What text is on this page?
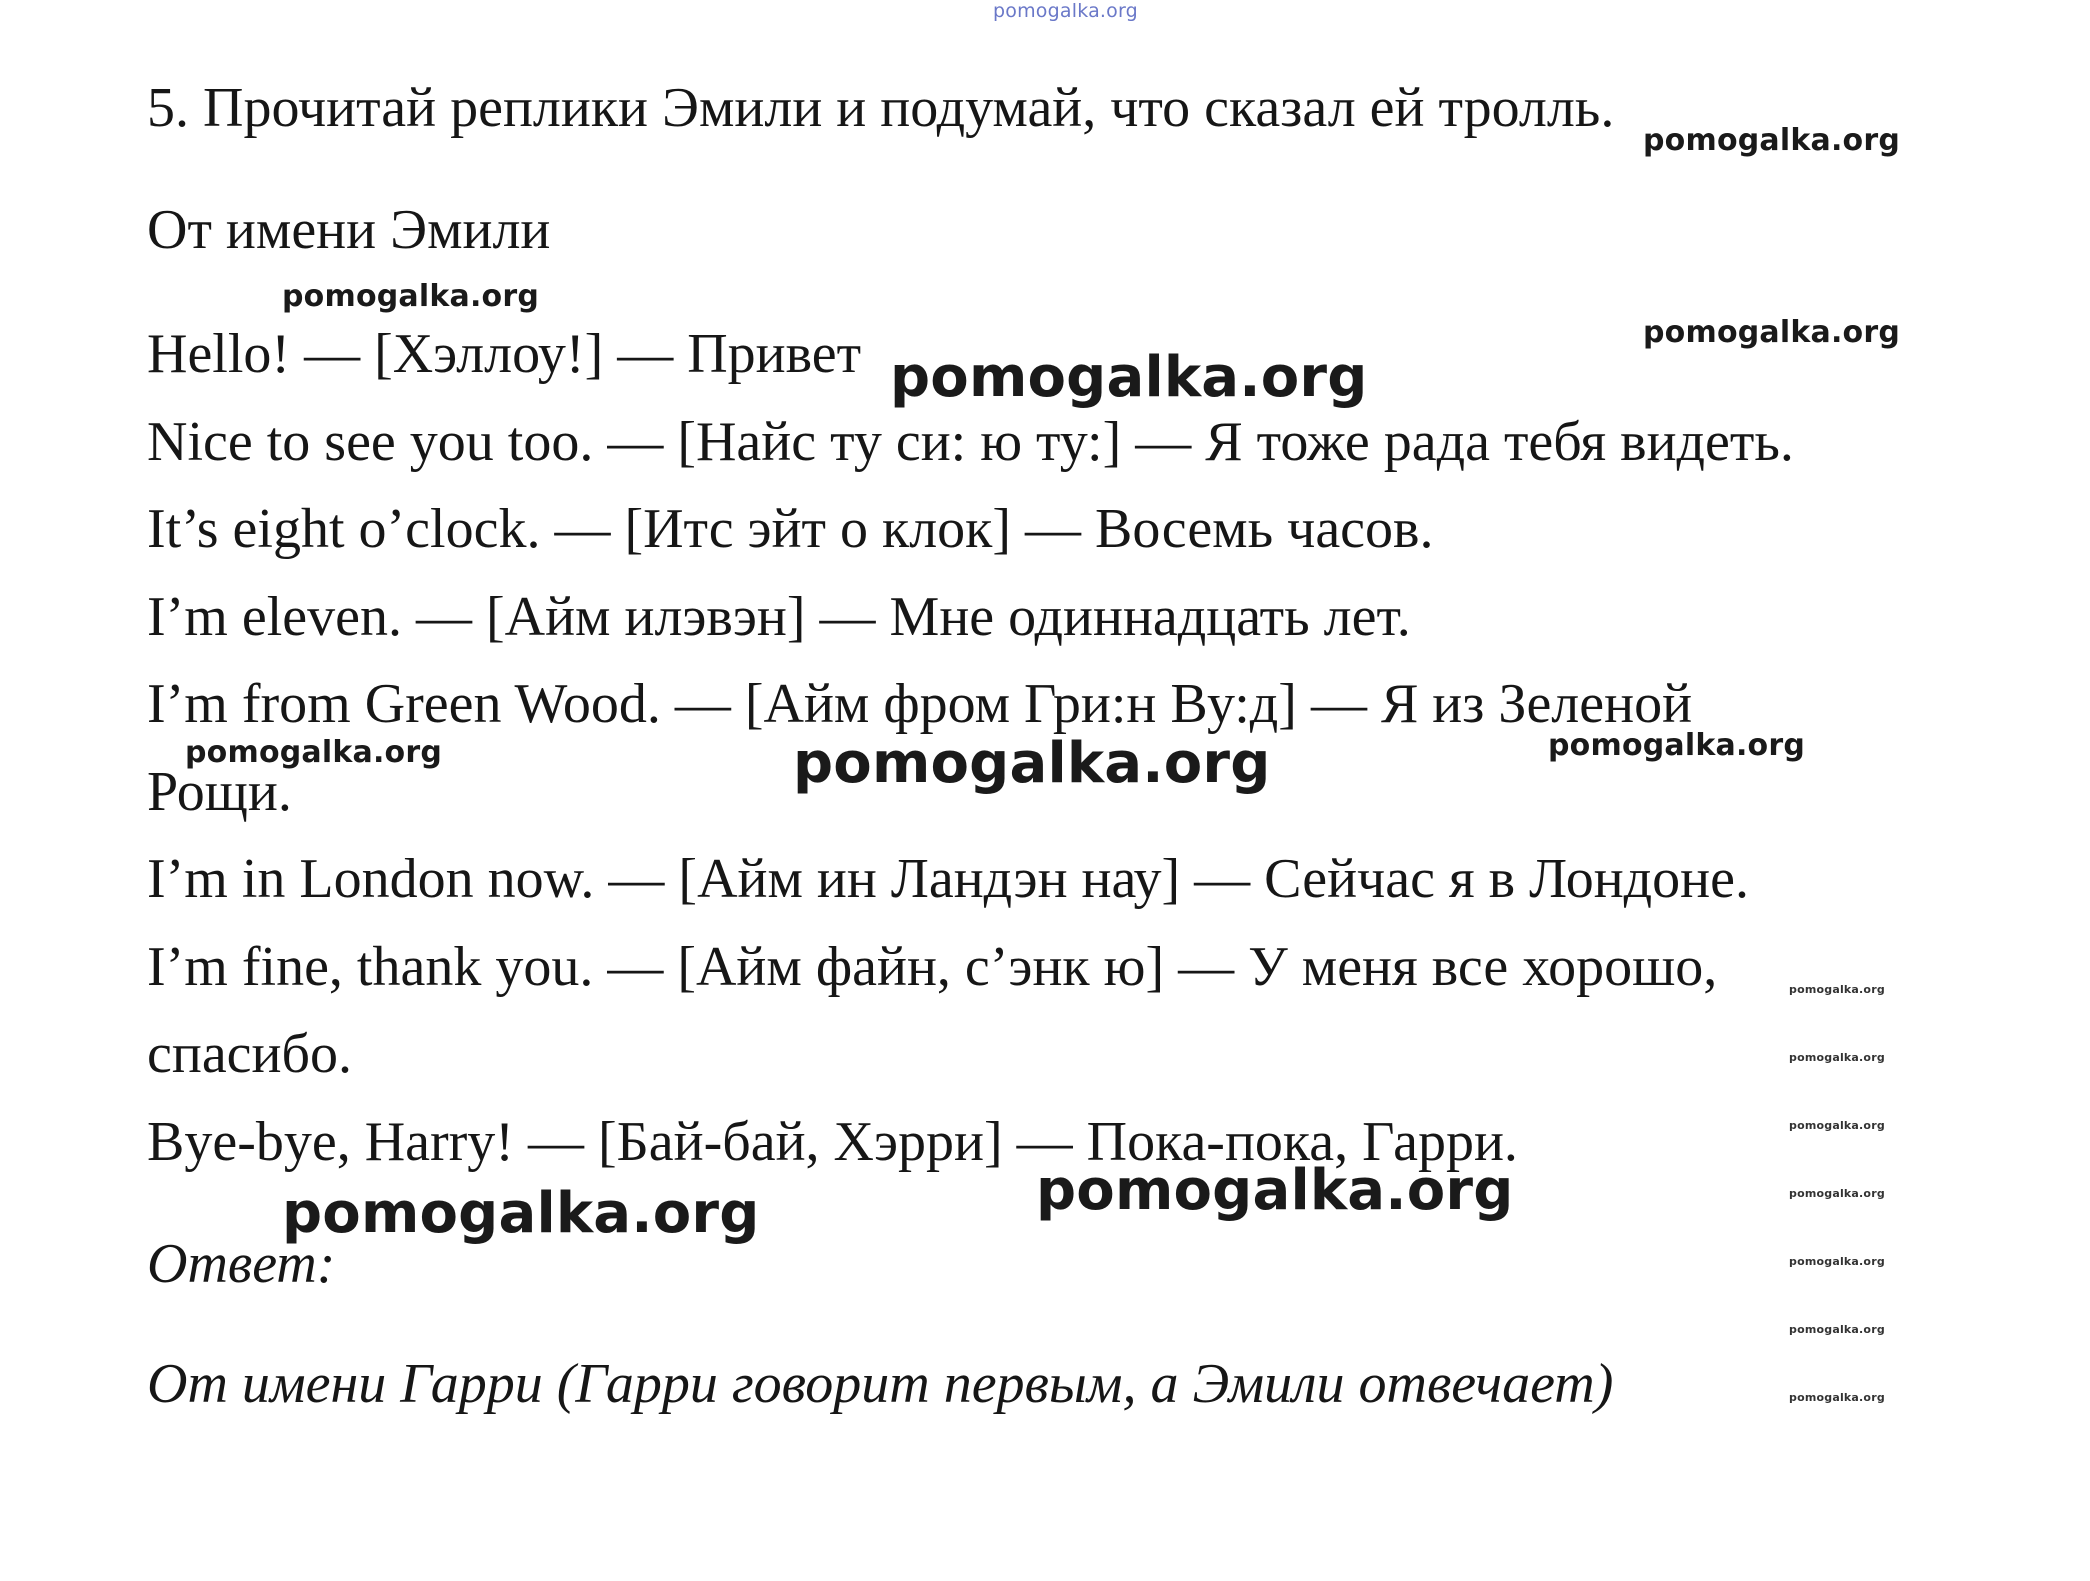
pomogalka.org
5. Прочитай реплики Эмили и подумай, что сказал ей тролль.
pomogalka.org
От имени Эмили
pomogalka.org
Hello! — [Хэллоу!] — Привет	pomogalka.org
pomogalka.org
Nice to see you too. — [Найс ту си: ю ту:] — Я тоже рада тебя видеть.
It’s eight o’clock. — [Итс эйт о клок] — Восемь часов.
I’m eleven. — [Айм илэвэн] — Мне одиннадцать лет.
I’m from Green Wood. — [Айм фром Гри:н Ву:д] — Я из Зеленой
Рощи.
pomogalka.org	pomogalka.org	pomogalka.org
I’m in London now. — [Айм ин Ландэн нау] — Сейчас я в Лондоне.
I’m fine, thank you. — [Айм файн, с’энк ю] — У меня все хорошо,	pomogalka.org
спасибо.	pomogalka.org
Bye-bye, Harry! — [Бай-бай, Хэрри] — Пока-пока, Гарри.	pomogalka.org
pomogalka.org
pomogalka.org
pomogalka.org
Ответ:	pomogalka.org
pomogalka.org
От имени Гарри (Гарри говорит первым, а Эмили отвечает)	pomogalka.org
